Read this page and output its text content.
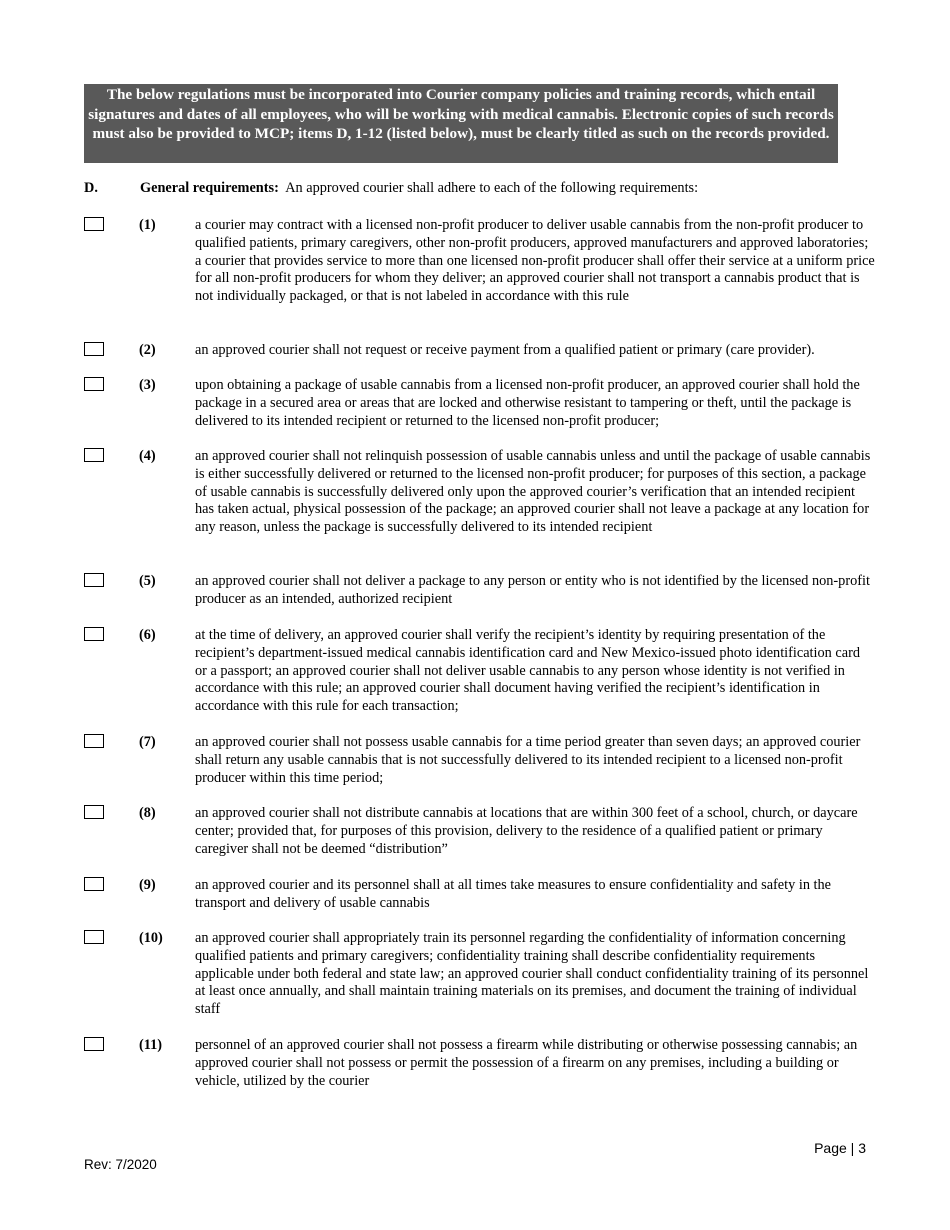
The below regulations must be incorporated into Courier company policies and training records, which entail signatures and dates of all employees, who will be working with medical cannabis. Electronic copies of such records must also be provided to MCP; items D, 1-12 (listed below), must be clearly titled as such on the records provided.
D.	General requirements: An approved courier shall adhere to each of the following requirements:
(1)	a courier may contract with a licensed non-profit producer to deliver usable cannabis from the non-profit producer to qualified patients, primary caregivers, other non-profit producers, approved manufacturers and approved laboratories; a courier that provides service to more than one licensed non-profit producer shall offer their service at a uniform price for all non-profit producers for whom they deliver; an approved courier shall not transport a cannabis product that is not individually packaged, or that is not labeled in accordance with this rule
(2)	an approved courier shall not request or receive payment from a qualified patient or primary (care provider).
(3)	upon obtaining a package of usable cannabis from a licensed non-profit producer, an approved courier shall hold the package in a secured area or areas that are locked and otherwise resistant to tampering or theft, until the package is delivered to its intended recipient or returned to the licensed non-profit producer;
(4)	an approved courier shall not relinquish possession of usable cannabis unless and until the package of usable cannabis is either successfully delivered or returned to the licensed non-profit producer; for purposes of this section, a package of usable cannabis is successfully delivered only upon the approved courier’s verification that an intended recipient has taken actual, physical possession of the package; an approved courier shall not leave a package at any location for any reason, unless the package is successfully delivered to its intended recipient
(5)	an approved courier shall not deliver a package to any person or entity who is not identified by the licensed non-profit producer as an intended, authorized recipient
(6)	at the time of delivery, an approved courier shall verify the recipient’s identity by requiring presentation of the recipient’s department-issued medical cannabis identification card and New Mexico-issued photo identification card or a passport; an approved courier shall not deliver usable cannabis to any person whose identity is not verified in accordance with this rule; an approved courier shall document having verified the recipient’s identification in accordance with this rule for each transaction;
(7)	an approved courier shall not possess usable cannabis for a time period greater than seven days; an approved courier shall return any usable cannabis that is not successfully delivered to its intended recipient to a licensed non-profit producer within this time period;
(8)	an approved courier shall not distribute cannabis at locations that are within 300 feet of a school, church, or daycare center; provided that, for purposes of this provision, delivery to the residence of a qualified patient or primary caregiver shall not be deemed “distribution”
(9)	an approved courier and its personnel shall at all times take measures to ensure confidentiality and safety in the transport and delivery of usable cannabis
(10) an approved courier shall appropriately train its personnel regarding the confidentiality of information concerning qualified patients and primary caregivers; confidentiality training shall describe confidentiality requirements applicable under both federal and state law; an approved courier shall conduct confidentiality training of its personnel at least once annually, and shall maintain training materials on its premises, and document the training of individual staff
(11) personnel of an approved courier shall not possess a firearm while distributing or otherwise possessing cannabis; an approved courier shall not possess or permit the possession of a firearm on any premises, including a building or vehicle, utilized by the courier
Page | 3
Rev: 7/2020
